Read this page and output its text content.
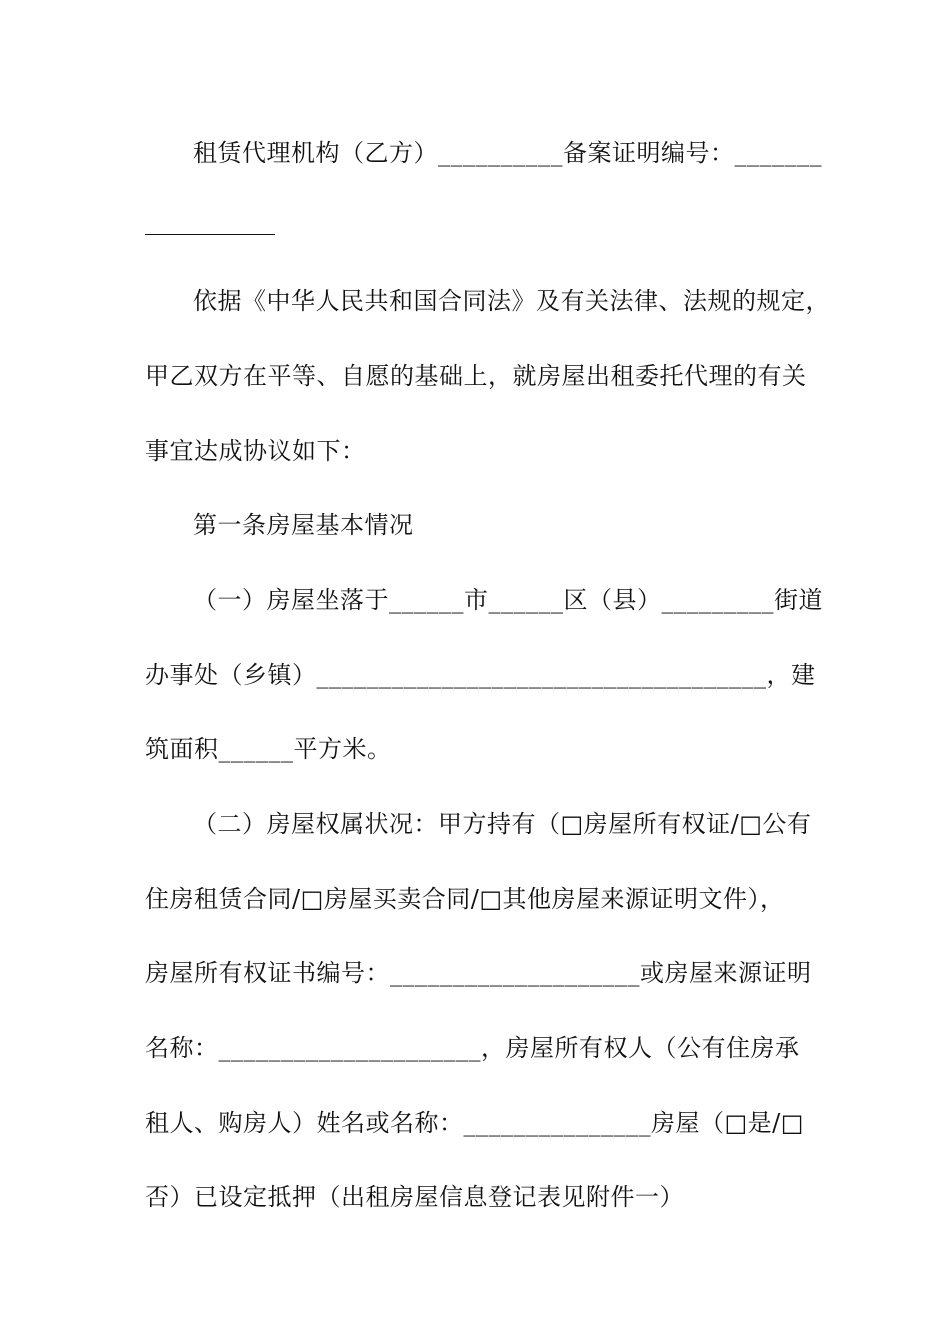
租赁代理机构（乙方）__________备案证明编号：_______
依据《中华人民共和国合同法》及有关法律、法规的规定，
甲乙双方在平等、自愿的基础上，就房屋出租委托代理的有关
事宜达成协议如下：
第一条房屋基本情况
（一）房屋坐落于______市______区（县）_________街道
办事处（乡镇）____________________________________，建
筑面积______平方米。
（二）房屋权属状况：甲方持有（□房屋所有权证/□公有
住房租赁合同/□房屋买卖合同/□其他房屋来源证明文件），
房屋所有权证书编号：____________________或房屋来源证明
名称：_____________________，房屋所有权人（公有住房承
租人、购房人）姓名或名称：_______________房屋（□是/□
否）已设定抵押（出租房屋信息登记表见附件一）
